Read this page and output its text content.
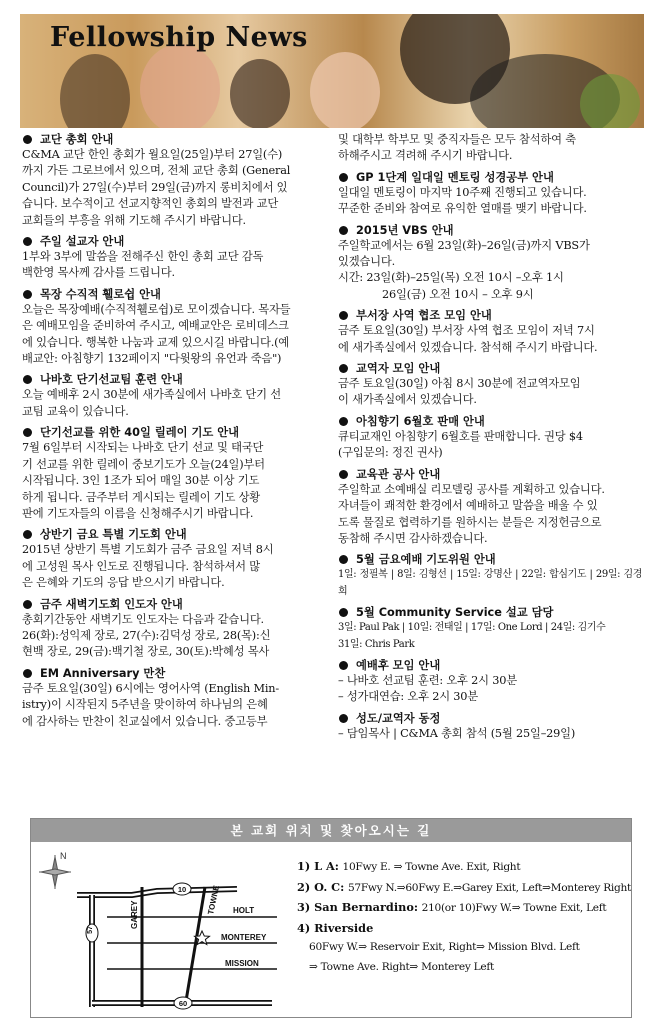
Fellowship News
교단 총회 안내
C&MA 교단 한인 총회가 월요일(25일)부터 27일(수)
까지 가든 그로브에서 있으며, 전체 교단 총회 (General
Council)가 27일(수)부터 29일(금)까지 롱비치에서 있
습니다. 보수적이고 선교지향적인 총회의 발전과 교단
교회들의 부흥을 위해 기도해 주시기 바랍니다.
주일 설교자 안내
1부와 3부에 말씀을 전해주신 한인 총회 교단 감독
백한영 목사께 감사를 드립니다.
목장 수직적 휄로쉽 안내
오늘은 목장예배(수직적휄로쉽)로 모이겠습니다. 목자들
은 예배모임을 준비하여 주시고, 예배교안은 로비데스크
에 있습니다. 행복한 나눔과 교제 있으시길 바랍니다.(예
배교안: 아침향기 132페이지 "다윗왕의 유언과 죽음")
나바호 단기선교팀 훈련 안내
오늘 예배후 2시 30분에 새가족실에서 나바호 단기 선
교팀 교육이 있습니다.
단기선교를 위한 40일 릴레이 기도 안내
7월 6일부터 시작되는 나바호 단기 선교 및 태국단
기 선교를 위한 릴레이 중보기도가 오늘(24일)부터
시작됩니다. 3인 1조가 되어 매일 30분 이상 기도
하게 됩니다. 금주부터 게시되는 릴레이 기도 상황
판에 기도자들의 이름을 신청해주시기 바랍니다.
상반기 금요 특별 기도회 안내
2015년 상반기 특별 기도회가 금주 금요일 저녁 8시
에 고성원 목사 인도로 진행됩니다. 참석하셔서 많
은 은혜와 기도의 응답 받으시기 바랍니다.
금주 새벽기도회 인도자 안내
총회기간동안 새벽기도 인도자는 다음과 같습니다.
26(화):성익제 장로, 27(수):김덕성 장로, 28(목):신
현백 장로, 29(금):백기철 장로, 30(토):박혜성 목사
EM Anniversary 만찬
금주 토요일(30일) 6시에는 영어사역 (English Min-
istry)이 시작된지 5주년을 맞이하여 하나님의 은혜
에 감사하는 만찬이 친교실에서 있습니다. 중고등부
및 대학부 학부모 및 중직자들은 모두 참석하여 축
하해주시고 격려해 주시기 바랍니다.
GP 1단계 일대일 멘토링 성경공부 안내
일대일 멘토링이 마지막 10주째 진행되고 있습니다.
꾸준한 준비와 참여로 유익한 열매를 맺기 바랍니다.
2015년 VBS 안내
주일학교에서는 6월 23일(화)–26일(금)까지 VBS가
있겠습니다.
시간: 23일(화)–25일(목) 오전 10시 –오후 1시
26일(금) 오전 10시 – 오후 9시
부서장 사역 협조 모임 안내
금주 토요일(30일) 부서장 사역 협조 모임이 저녁 7시
에 새가족실에서 있겠습니다. 참석해 주시기 바랍니다.
교역자 모임 안내
금주 토요일(30일) 아침 8시 30분에 전교역자모임
이 새가족실에서 있겠습니다.
아침향기 6월호 판매 안내
큐티교재인 아침향기 6월호를 판매합니다. 권당 $4
(구입문의: 정진 권사)
교육관 공사 안내
주일학교 소예배실 리모델링 공사를 계획하고 있습니다.
자녀들이 쾌적한 환경에서 예배하고 말씀을 배울 수 있
도록 물질로 협력하기를 원하시는 분들은 지정헌금으로
동참해 주시면 감사하겠습니다.
5월 금요예배 기도위원 안내
1일: 정필복 | 8일: 김형선 | 15일: 강명산 | 22일: 합심기도 | 29일: 김경희
5월 Community Service 설교 담당
3일: Paul Pak | 10일: 전태일 | 17일: One Lord | 24일: 김기수
31일: Chris Park
예배후 모임 안내
– 나바호 선교팀 훈련: 오후 2시 30분
– 성가대연습: 오후 2시 30분
성도/교역자 동정
– 담임목사 | C&MA 총회 참석 (5월 25일–29일)
본 교회 위치 및 찾아오시는 길
N
10
57
60
GAREY	TOWNE HOLT
MONTEREY
MISSION
1) L A: 10Fwy E. ⇒ Towne Ave. Exit, Right
2) O. C: 57Fwy N.⇒60Fwy E.⇒Garey Exit, Left⇒Monterey Right
3) San Bernardino: 210(or 10)Fwy W.⇒ Towne Exit, Left
4) Riverside
60Fwy W.⇒ Reservoir Exit, Right⇒ Mission Blvd. Left
⇒ Towne Ave. Right⇒ Monterey Left
